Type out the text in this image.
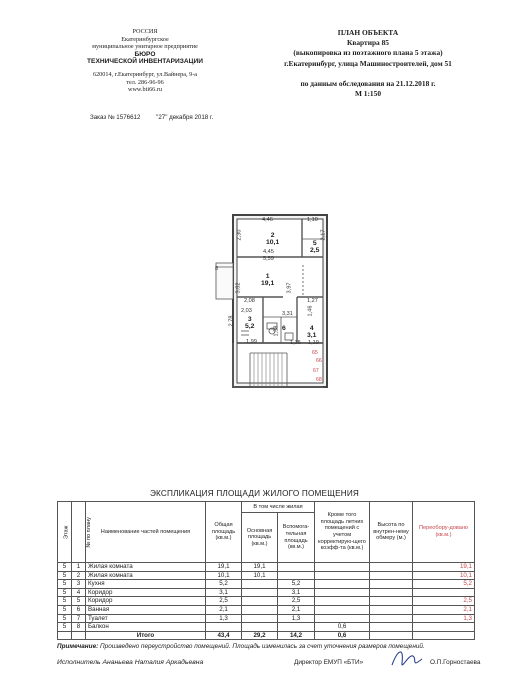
РОССИЯ
Екатеринбургское
муниципальное унитарное предприятие
БЮРО
ТЕХНИЧЕСКОЙ ИНВЕНТАРИЗАЦИИ
620014, г.Екатеринбург, ул.Вайнера, 9-а
тел. 286-96-96
www.bti66.ru
Заказ № 1576612	"27" декабря 2018 г.
ПЛАН ОБЪЕКТА
Квартира 85
(выкопировка из поэтажного плана 5 этажа)
г.Екатеринбург, улица Машиностроителей, дом 51
по данным обследования на 21.12.2018 г.
М 1:150
2
10,1	5
2,5
1
19,1
3
5,2	6	4
3,1
4,46	1,10
2,30
4,45
2,17
5,59
3,82	3,97
8
2,08
2,03	3,31
1,27
1,46
1,19
2,78
1,58
1,35
1,99
65
66
67
68
ЭКСПЛИКАЦИЯ ПЛОЩАДИ ЖИЛОГО ПОМЕЩЕНИЯ
Этаж	№ по плану	Наименование частей помещения	Общая площадь (кв.м.)	В том числе жилая		Кроме того площадь летних помещений с учетом корректирую-щего коэфф-та (кв.м.)	Высота по внутрен-нему обмеру (м.)	Переобору-довано (кв.м.)
				Основная площадь (кв.м.)	Вспомога-тельная площадь (кв.м.)			
5	1	Жилая комната	19,1	19,1				19,1
5	2	Жилая комната	10,1	10,1				10,1
5	3	Кухня	5,2		5,2			5,2
5	4	Коридор	3,1		3,1			
5	5	Коридор	2,5		2,5			2,5
5	6	Ванная	2,1		2,1			2,1
5	7	Туалет	1,3		1,3			1,3
5	8	Балкон				0,6		
		Итого	43,4	29,2	14,2	0,6		
Примечание: Произведено переустройство помещений. Площадь изменилась за счет уточнения размеров помещений.
Исполнитель Ананьева Наталия Аркадьевна	Директор ЕМУП «БТИ»	О.П.Горностаева
